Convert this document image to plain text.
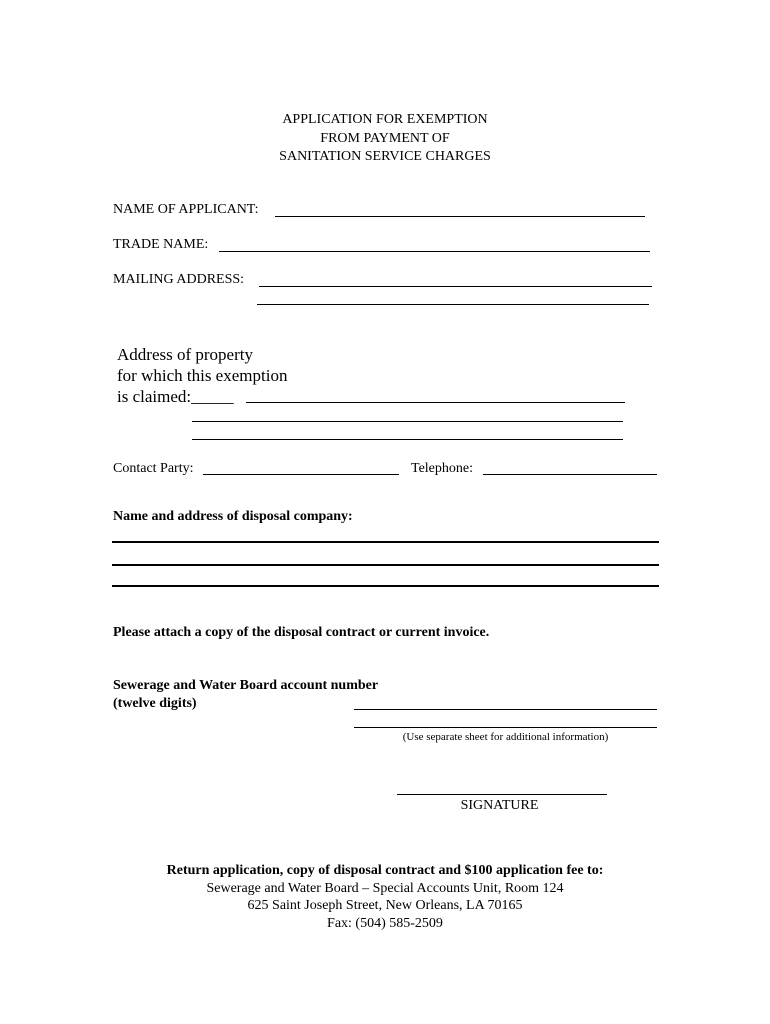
APPLICATION FOR EXEMPTION
FROM PAYMENT OF
SANITATION SERVICE CHARGES
NAME OF APPLICANT:
TRADE NAME:
MAILING ADDRESS:
Address of property
for which this exemption
is claimed:_____
Contact Party:	Telephone:
Name and address of disposal company:
Please attach a copy of the disposal contract or current invoice.
Sewerage and Water Board account number
(twelve digits)
(Use separate sheet for additional information)
SIGNATURE
Return application, copy of disposal contract and $100 application fee to:
Sewerage and Water Board – Special Accounts Unit, Room 124
625 Saint Joseph Street, New Orleans, LA 70165
Fax: (504) 585-2509
